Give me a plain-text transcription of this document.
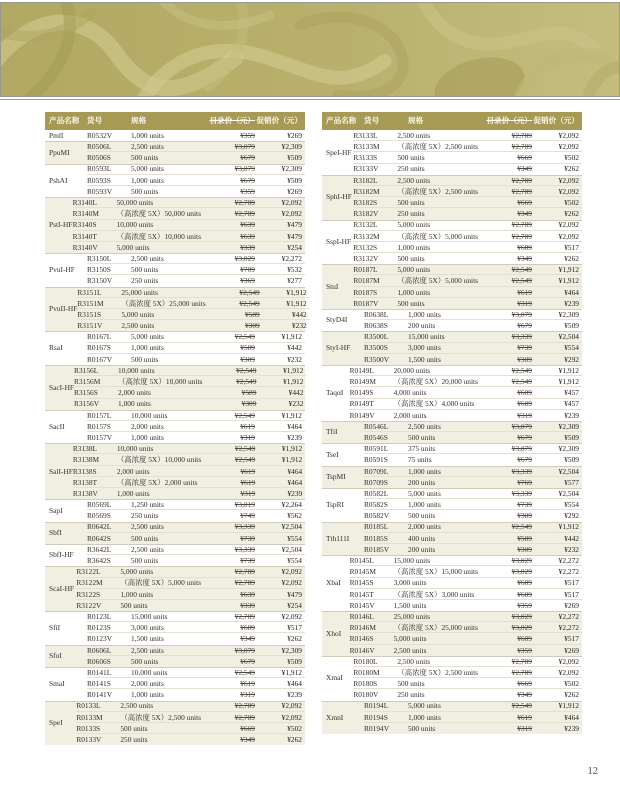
产品名称	货号	规格	目录价（元） 促销价（元）
PmlI	R0532V	1,000 units	¥359	¥269
PpuMI
R0506L	2,500 units	¥3,079	¥2,309
R0506S	500 units	¥679	¥509
PshAI
R0593L	5,000 units	¥3,079	¥2,309
R0593S	1,000 units	¥679	¥509
R0593V	500 units	¥359	¥269
PstI-HF
R3140L	50,000 units	¥2,789	¥2,092
R3140M	（高浓度 5X）50,000 units	¥2,789	¥2,092
R3140S	10,000 units	¥639	¥479
R3140T	（高浓度 5X）10,000 units	¥639	¥479
R3140V	5,000 units	¥339	¥254
PvuI-HF
R3150L	2,500 units	¥3,029	¥2,272
R3150S	500 units	¥709	¥532
R3150V	250 units	¥369	¥277
PvuII-HF
R3151L	25,000 units	¥2,549	¥1,912
R3151M	（高浓度 5X）25,000 units	¥2,549	¥1,912
R3151S	5,000 units	¥589	¥442
R3151V	2,500 units	¥309	¥232
RsaI
R0167L	5,000 units	¥2,549	¥1,912
R0167S	1,000 units	¥589	¥442
R0167V	500 units	¥309	¥232
SacI-HF
R3156L	10,000 units	¥2,549	¥1,912
R3156M	（高浓度 5X）10,000 units	¥2,549	¥1,912
R3156S	2,000 units	¥589	¥442
R3156V	1,000 units	¥309	¥232
SacII
R0157L	10,000 units	¥2,549	¥1,912
R0157S	2,000 units	¥619	¥464
R0157V	1,000 units	¥319	¥239
SalI-HF
R3138L	10,000 units	¥2,549	¥1,912
R3138M	（高浓度 5X）10,000 units	¥2,549	¥1,912
R3138S	2,000 units	¥619	¥464
R3138T	（高浓度 5X）2,000 units	¥619	¥464
R3138V	1,000 units	¥319	¥239
SapI
R0569L	1,250 units	¥3,019	¥2,264
R0569S	250 units	¥749	¥562
SbfI
R0642L	2,500 units	¥3,339	¥2,504
R0642S	500 units	¥739	¥554
SbfI-HF
R3642L	2,500 units	¥3,339	¥2,504
R3642S	500 units	¥739	¥554
ScaI-HF
R3122L	5,000 units	¥2,789	¥2,092
R3122M	（高浓度 5X）5,000 units	¥2,789	¥2,092
R3122S	1,000 units	¥639	¥479
R3122V	500 units	¥339	¥254
SfiI
R0123L	15,000 units	¥2,789	¥2,092
R0123S	3,000 units	¥689	¥517
R0123V	1,500 units	¥349	¥262
SfoI
R0606L	2,500 units	¥3,079	¥2,309
R0606S	500 units	¥679	¥509
SmaI
R0141L	10,000 units	¥2,549	¥1,912
R0141S	2,000 units	¥619	¥464
R0141V	1,000 units	¥319	¥239
SpeI
R0133L	2,500 units	¥2,789	¥2,092
R0133M	（高浓度 5X）2,500 units	¥2,789	¥2,092
R0133S	500 units	¥669	¥502
R0133V	250 units	¥349	¥262
产品名称	货号	规格	目录价（元） 促销价（元）
SpeI-HF
R3133L	2,500 units	¥2,789	¥2,092
R3133M	（高浓度 5X）2,500 units	¥2,789	¥2,092
R3133S	500 units	¥669	¥502
R3133V	250 units	¥349	¥262
SphI-HF
R3182L	2,500 units	¥2,789	¥2,092
R3182M	（高浓度 5X）2,500 units	¥2,789	¥2,092
R3182S	500 units	¥669	¥502
R3182V	250 units	¥349	¥262
SspI-HF
R3132L	5,000 units	¥2,789	¥2,092
R3132M	（高浓度 5X）5,000 units	¥2,789	¥2,092
R3132S	1,000 units	¥689	¥517
R3132V	500 units	¥349	¥262
StuI
R0187L	5,000 units	¥2,549	¥1,912
R0187M	（高浓度 5X）5,000 units	¥2,549	¥1,912
R0187S	1,000 units	¥619	¥464
R0187V	500 units	¥319	¥239
StyD4I
R0638L	1,000 units	¥3,079	¥2,309
R0638S	200 units	¥679	¥509
StyI-HF
R3500L	15,000 units	¥3,339	¥2,504
R3500S	3,000 units	¥739	¥554
R3500V	1,500 units	¥389	¥292
TaqαI
R0149L	20,000 units	¥2,549	¥1,912
R0149M	（高浓度 5X）20,000 units	¥2,549	¥1,912
R0149S	4,000 units	¥609	¥457
R0149T	（高浓度 5X）4,000 units	¥609	¥457
R0149V	2,000 units	¥319	¥239
TfiI
R0546L	2,500 units	¥3,079	¥2,309
R0546S	500 units	¥679	¥509
TseI
R0591L	375 units	¥3,079	¥2,309
R0591S	75 units	¥679	¥509
TspMI
R0709L	1,000 units	¥3,339	¥2,504
R0709S	200 units	¥769	¥577
TspRI
R0582L	5,000 units	¥3,339	¥2,504
R0582S	1,000 units	¥739	¥554
R0582V	500 units	¥389	¥292
Tth111I
R0185L	2,000 units	¥2,549	¥1,912
R0185S	400 units	¥589	¥442
R0185V	200 units	¥309	¥232
XbaI
R0145L	15,000 units	¥3,029	¥2,272
R0145M	（高浓度 5X）15,000 units	¥3,029	¥2,272
R0145S	3,000 units	¥689	¥517
R0145T	（高浓度 5X）3,000 units	¥689	¥517
R0145V	1,500 units	¥359	¥269
XhoI
R0146L	25,000 units	¥3,029	¥2,272
R0146M	（高浓度 5X）25,000 units	¥3,029	¥2,272
R0146S	5,000 units	¥689	¥517
R0146V	2,500 units	¥359	¥269
XmaI
R0180L	2,500 units	¥2,789	¥2,092
R0180M	（高浓度 5X）2,500 units	¥2,789	¥2,092
R0180S	500 units	¥669	¥502
R0180V	250 units	¥349	¥262
XmnI
R0194L	5,000 units	¥2,549	¥1,912
R0194S	1,000 units	¥619	¥464
R0194V	500 units	¥319	¥239
12
